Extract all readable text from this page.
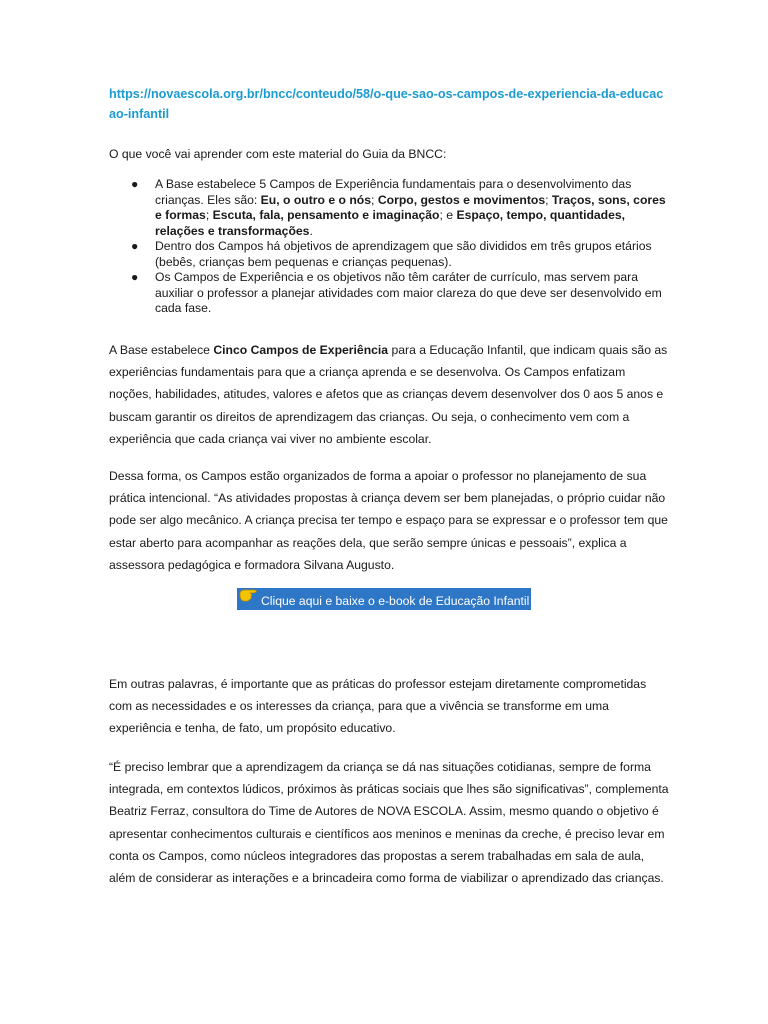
https://novaescola.org.br/bncc/conteudo/58/o-que-sao-os-campos-de-experiencia-da-educacao-infantil
O que você vai aprender com este material do Guia da BNCC:
● A Base estabelece 5 Campos de Experiência fundamentais para o desenvolvimento das crianças. Eles são: Eu, o outro e o nós; Corpo, gestos e movimentos; Traços, sons, cores e formas; Escuta, fala, pensamento e imaginação; e Espaço, tempo, quantidades, relações e transformações.
● Dentro dos Campos há objetivos de aprendizagem que são divididos em três grupos etários (bebês, crianças bem pequenas e crianças pequenas).
● Os Campos de Experiência e os objetivos não têm caráter de currículo, mas servem para auxiliar o professor a planejar atividades com maior clareza do que deve ser desenvolvido em cada fase.

A Base estabelece Cinco Campos de Experiência para a Educação Infantil, que indicam quais são as experiências fundamentais para que a criança aprenda e se desenvolva. Os Campos enfatizam noções, habilidades, atitudes, valores e afetos que as crianças devem desenvolver dos 0 aos 5 anos e buscam garantir os direitos de aprendizagem das crianças. Ou seja, o conhecimento vem com a experiência que cada criança vai viver no ambiente escolar.

Dessa forma, os Campos estão organizados de forma a apoiar o professor no planejamento de sua prática intencional. “As atividades propostas à criança devem ser bem planejadas, o próprio cuidar não pode ser algo mecânico. A criança precisa ter tempo e espaço para se expressar e o professor tem que estar aberto para acompanhar as reações dela, que serão sempre únicas e pessoais”, explica a assessora pedagógica e formadora Silvana Augusto.

Clique aqui e baixe o e-book de Educação Infantil

Em outras palavras, é importante que as práticas do professor estejam diretamente comprometidas com as necessidades e os interesses da criança, para que a vivência se transforme em uma experiência e tenha, de fato, um propósito educativo.

“É preciso lembrar que a aprendizagem da criança se dá nas situações cotidianas, sempre de forma integrada, em contextos lúdicos, próximos às práticas sociais que lhes são significativas”, complementa Beatriz Ferraz, consultora do Time de Autores de NOVA ESCOLA. Assim, mesmo quando o objetivo é apresentar conhecimentos culturais e científicos aos meninos e meninas da creche, é preciso levar em conta os Campos, como núcleos integradores das propostas a serem trabalhadas em sala de aula, além de considerar as interações e a brincadeira como forma de viabilizar o aprendizado das crianças.
